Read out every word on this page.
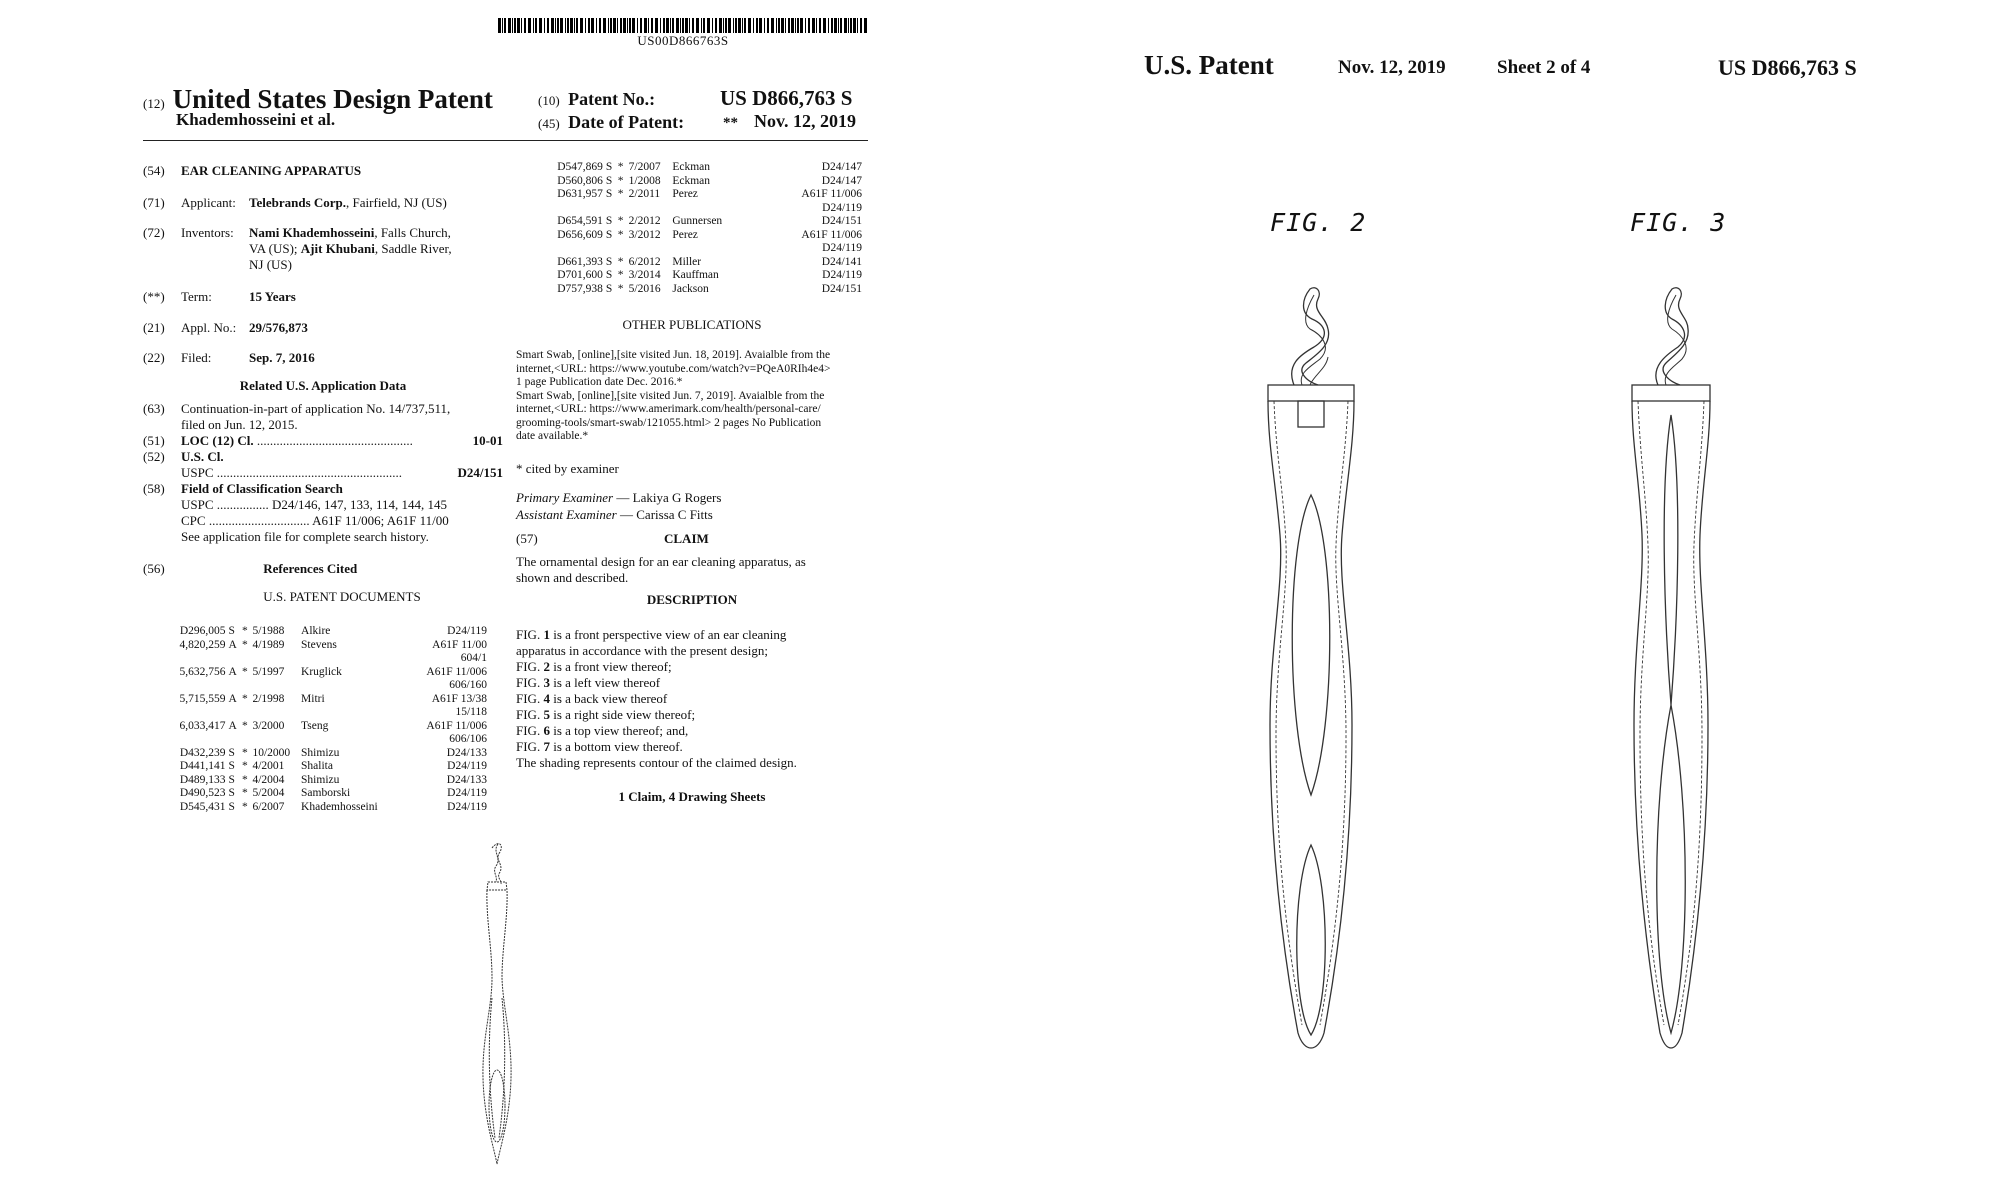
US00D866763S
(12) United States Design Patent
Khademhosseini et al.
(10) Patent No.:	US D866,763 S
(45) Date of Patent:	** Nov. 12, 2019
(54) EAR CLEANING APPARATUS
(71) Applicant: Telebrands Corp., Fairfield, NJ (US)
(72) Inventors: Nami Khademhosseini, Falls Church,
VA (US); Ajit Khubani, Saddle River,
NJ (US)
(**) Term:	15 Years
(21) Appl. No.: 29/576,873
(22) Filed:	Sep. 7, 2016
Related U.S. Application Data
(63) Continuation-in-part of application No. 14/737,511,
filed on Jun. 12, 2015.
(51) LOC (12) Cl. ................................................	10-01
(52) U.S. Cl.
USPC .........................................................	D24/151
(58) Field of Classification Search
USPC ................ D24/146, 147, 133, 114, 144, 145
CPC ............................... A61F 11/006; A61F 11/00
See application file for complete search history.
(56)	References Cited
U.S. PATENT DOCUMENTS
D296,005	S	*	5/1988	Alkire	D24/119
4,820,259	A	*	4/1989	Stevens	A61F 11/00
					604/1
5,632,756	A	*	5/1997	Kruglick	A61F 11/006
					606/160
5,715,559	A	*	2/1998	Mitri	A61F 13/38
					15/118
6,033,417	A	*	3/2000	Tseng	A61F 11/006
					606/106
D432,239	S	*	10/2000	Shimizu	D24/133
D441,141	S	*	4/2001	Shalita	D24/119
D489,133	S	*	4/2004	Shimizu	D24/133
D490,523	S	*	5/2004	Samborski	D24/119
D545,431	S	*	6/2007	Khademhosseini	D24/119
D547,869	S	*	7/2007	Eckman	D24/147
D560,806	S	*	1/2008	Eckman	D24/147
D631,957	S	*	2/2011	Perez	A61F 11/006
					D24/119
D654,591	S	*	2/2012	Gunnersen	D24/151
D656,609	S	*	3/2012	Perez	A61F 11/006
					D24/119
D661,393	S	*	6/2012	Miller	D24/141
D701,600	S	*	3/2014	Kauffman	D24/119
D757,938	S	*	5/2016	Jackson	D24/151
OTHER PUBLICATIONS
Smart Swab, [online],[site visited Jun. 18, 2019]. Avaialble from the
internet,<URL: https://www.youtube.com/watch?v=PQeA0RIh4e4>
1 page Publication date Dec. 2016.*
Smart Swab, [online],[site visited Jun. 7, 2019]. Avaialble from the
internet,<URL: https://www.amerimark.com/health/personal-care/
grooming-tools/smart-swab/121055.html> 2 pages No Publication
date available.*
* cited by examiner
Primary Examiner — Lakiya G Rogers
Assistant Examiner — Carissa C Fitts
(57)	CLAIM
The ornamental design for an ear cleaning apparatus, as
shown and described.
DESCRIPTION
FIG. 1 is a front perspective view of an ear cleaning
apparatus in accordance with the present design;
FIG. 2 is a front view thereof;
FIG. 3 is a left view thereof
FIG. 4 is a back view thereof
FIG. 5 is a right side view thereof;
FIG. 6 is a top view thereof; and,
FIG. 7 is a bottom view thereof.
The shading represents contour of the claimed design.
1 Claim, 4 Drawing Sheets
U.S. Patent	Nov. 12, 2019	Sheet 2 of 4	US D866,763 S
FIG. 2	FIG. 3
